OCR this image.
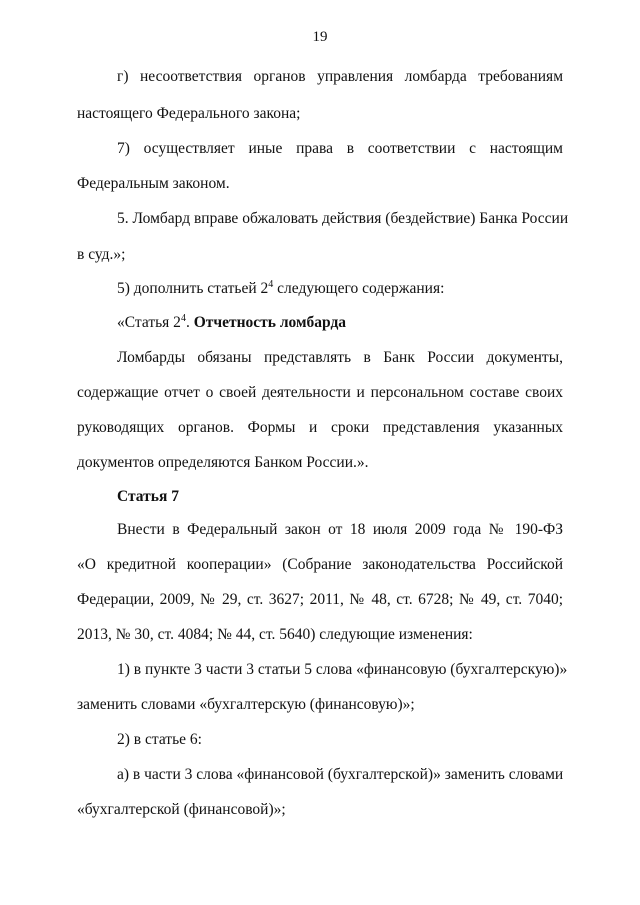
19
г) несоответствия органов управления ломбарда требованиям
настоящего Федерального закона;
7) осуществляет иные права в соответствии с настоящим
Федеральным законом.
5. Ломбард вправе обжаловать действия (бездействие) Банка России
в суд.»;
5) дополнить статьей $2^4$ следующего содержания:
«Статья $2^4$. Отчетность ломбарда
Ломбарды обязаны представлять в Банк России документы,
содержащие отчет о своей деятельности и персональном составе своих
руководящих органов. Формы и сроки представления указанных
документов определяются Банком России.».
Статья 7
Внести в Федеральный закон от 18 июля 2009 года № 190-ФЗ
«О кредитной кооперации» (Собрание законодательства Российской
Федерации, 2009, № 29, ст. 3627; 2011, № 48, ст. 6728; № 49, ст. 7040;
2013, № 30, ст. 4084; № 44, ст. 5640) следующие изменения:
1) в пункте 3 части 3 статьи 5 слова «финансовую (бухгалтерскую)»
заменить словами «бухгалтерскую (финансовую)»;
2) в статье 6:
а) в части 3 слова «финансовой (бухгалтерской)» заменить словами
«бухгалтерской (финансовой)»;
